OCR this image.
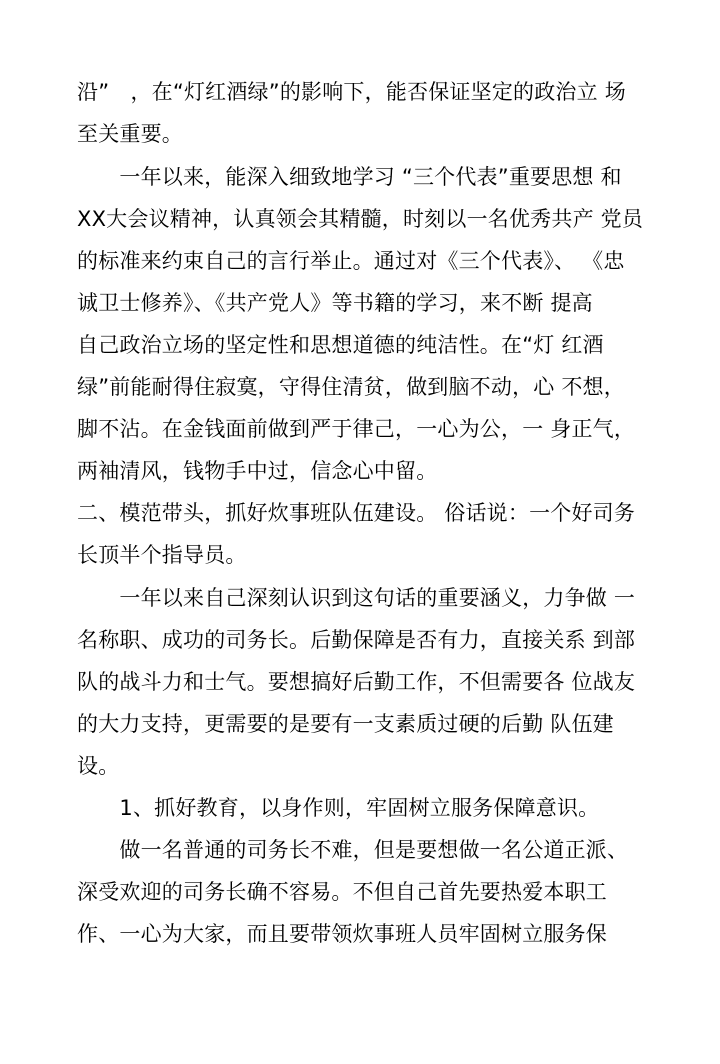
沿”　，在“灯红酒绿”的影响下，能否保证坚定的政治立 场
至关重要。
　　一年以来，能深入细致地学习 “三个代表”重要思想 和
XX大会议精神，认真领会其精髓，时刻以一名优秀共产 党员
的标准来约束自己的言行举止。通过对《三个代表》、 《忠
诚卫士修养》、《共产党人》等书籍的学习，来不断 提高
自己政治立场的坚定性和思想道德的纯洁性。在“灯 红酒
绿”前能耐得住寂寞，守得住清贫，做到脑不动，心 不想，
脚不沾。在金钱面前做到严于律己，一心为公，一 身正气，
两袖清风，钱物手中过，信念心中留。
二、模范带头，抓好炊事班队伍建设。 俗话说：一个好司务
长顶半个指导员。
　　一年以来自己深刻认识到这句话的重要涵义，力争做 一
名称职、成功的司务长。后勤保障是否有力，直接关系 到部
队的战斗力和士气。要想搞好后勤工作，不但需要各 位战友
的大力支持，更需要的是要有一支素质过硬的后勤 队伍建
设。
　　1、抓好教育，以身作则，牢固树立服务保障意识。
　　做一名普通的司务长不难，但是要想做一名公道正派、
深受欢迎的司务长确不容易。不但自己首先要热爱本职工
作、一心为大家，而且要带领炊事班人员牢固树立服务保
